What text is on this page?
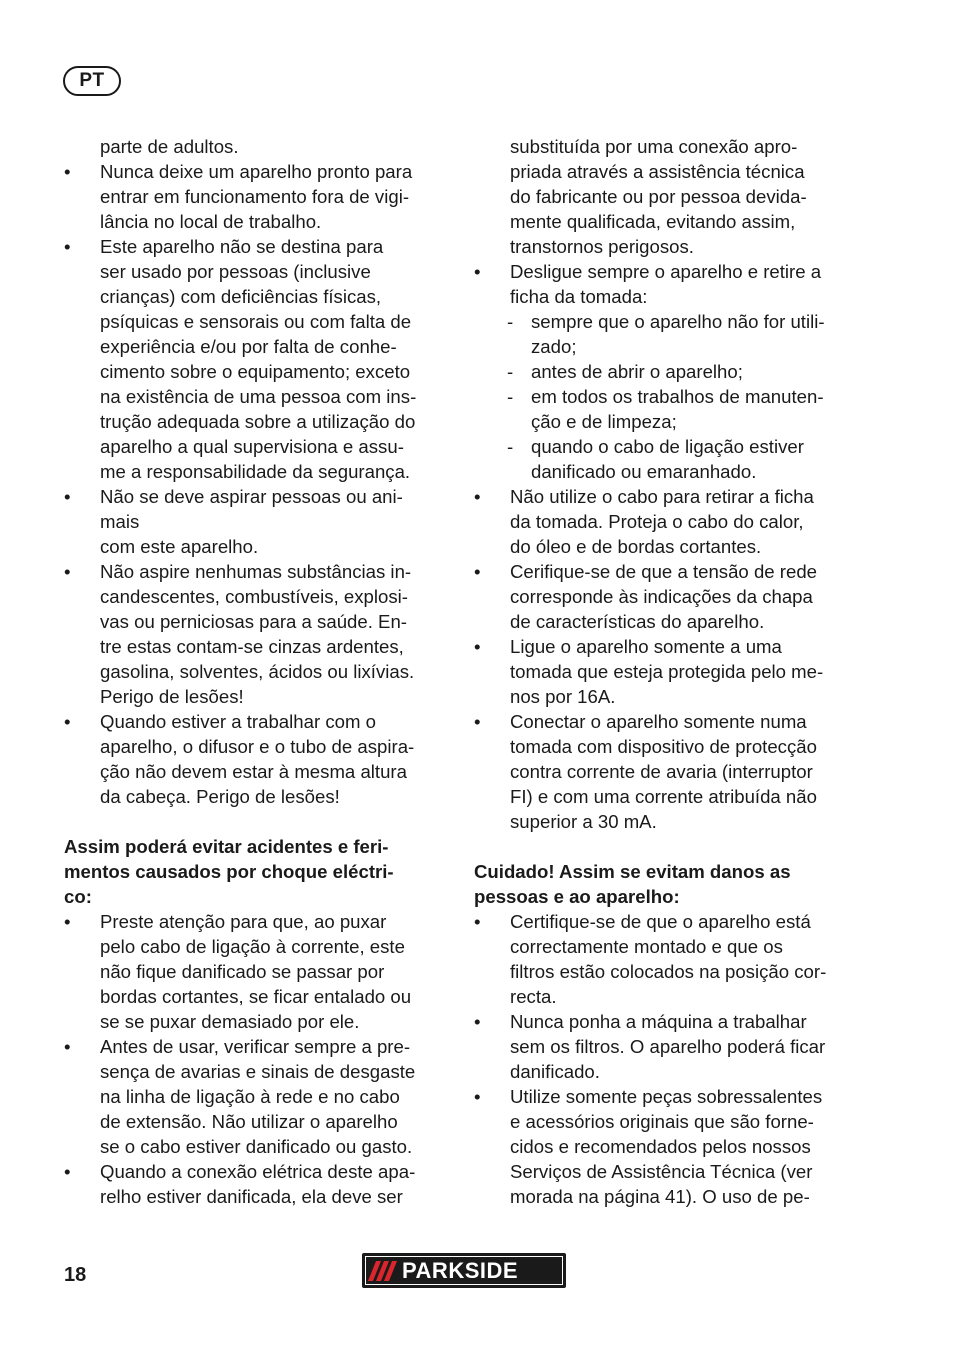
PT
parte de adultos.
• Nunca deixe um aparelho pronto para
entrar em funcionamento fora de vigi-
lância no local de trabalho.
• Este aparelho não se destina para
ser usado por pessoas (inclusive
crianças) com deficiências físicas,
psíquicas e sensorais ou com falta de
experiência e/ou por falta de conhe-
cimento sobre o equipamento; exceto
na existência de uma pessoa com ins-
trução adequada sobre a utilização do
aparelho a qual supervisiona e assu-
me a responsabilidade da segurança.
• Não se deve aspirar pessoas ou ani-
mais
com este aparelho.
• Não aspire nenhumas substâncias in-
candescentes, combustíveis, explosi-
vas ou perniciosas para a saúde. En-
tre estas contam-se cinzas ardentes,
gasolina, solventes, ácidos ou lixívias.
Perigo de lesões!
• Quando estiver a trabalhar com o
aparelho, o difusor e o tubo de aspira-
ção não devem estar à mesma altura
da cabeça. Perigo de lesões!
Assim poderá evitar acidentes e feri-
mentos causados por choque eléctri-
co:
• Preste atenção para que, ao puxar
pelo cabo de ligação à corrente, este
não fique danificado se passar por
bordas cortantes, se ficar entalado ou
se se puxar demasiado por ele.
• Antes de usar, verificar sempre a pre-
sença de avarias e sinais de desgaste
na linha de ligação à rede e no cabo
de extensão. Não utilizar o aparelho
se o cabo estiver danificado ou gasto.
• Quando a conexão elétrica deste apa-
relho estiver danificada, ela deve ser
substituída por uma conexão apro-
priada através a assistência técnica
do fabricante ou por pessoa devida-
mente qualificada, evitando assim,
transtornos perigosos.
• Desligue sempre o aparelho e retire a
ficha da tomada:
- sempre que o aparelho não for utili-
zado;
- antes de abrir o aparelho;
- em todos os trabalhos de manuten-
ção e de limpeza;
- quando o cabo de ligação estiver
danificado ou emaranhado.
• Não utilize o cabo para retirar a ficha
da tomada. Proteja o cabo do calor,
do óleo e de bordas cortantes.
• Cerifique-se de que a tensão de rede
corresponde às indicações da chapa
de características do aparelho.
• Ligue o aparelho somente a uma
tomada que esteja protegida pelo me-
nos por 16A.
• Conectar o aparelho somente numa
tomada com dispositivo de protecção
contra corrente de avaria (interruptor
FI) e com uma corrente atribuída não
superior a 30 mA.
Cuidado! Assim se evitam danos as
pessoas e ao aparelho:
• Certifique-se de que o aparelho está
correctamente montado e que os
filtros estão colocados na posição cor-
recta.
• Nunca ponha a máquina a trabalhar
sem os filtros. O aparelho poderá ficar
danificado.
• Utilize somente peças sobressalentes
e acessórios originais que são forne-
cidos e recomendados pelos nossos
Serviços de Assistência Técnica (ver
morada na página 41). O uso de pe-
18	PARKSIDE
